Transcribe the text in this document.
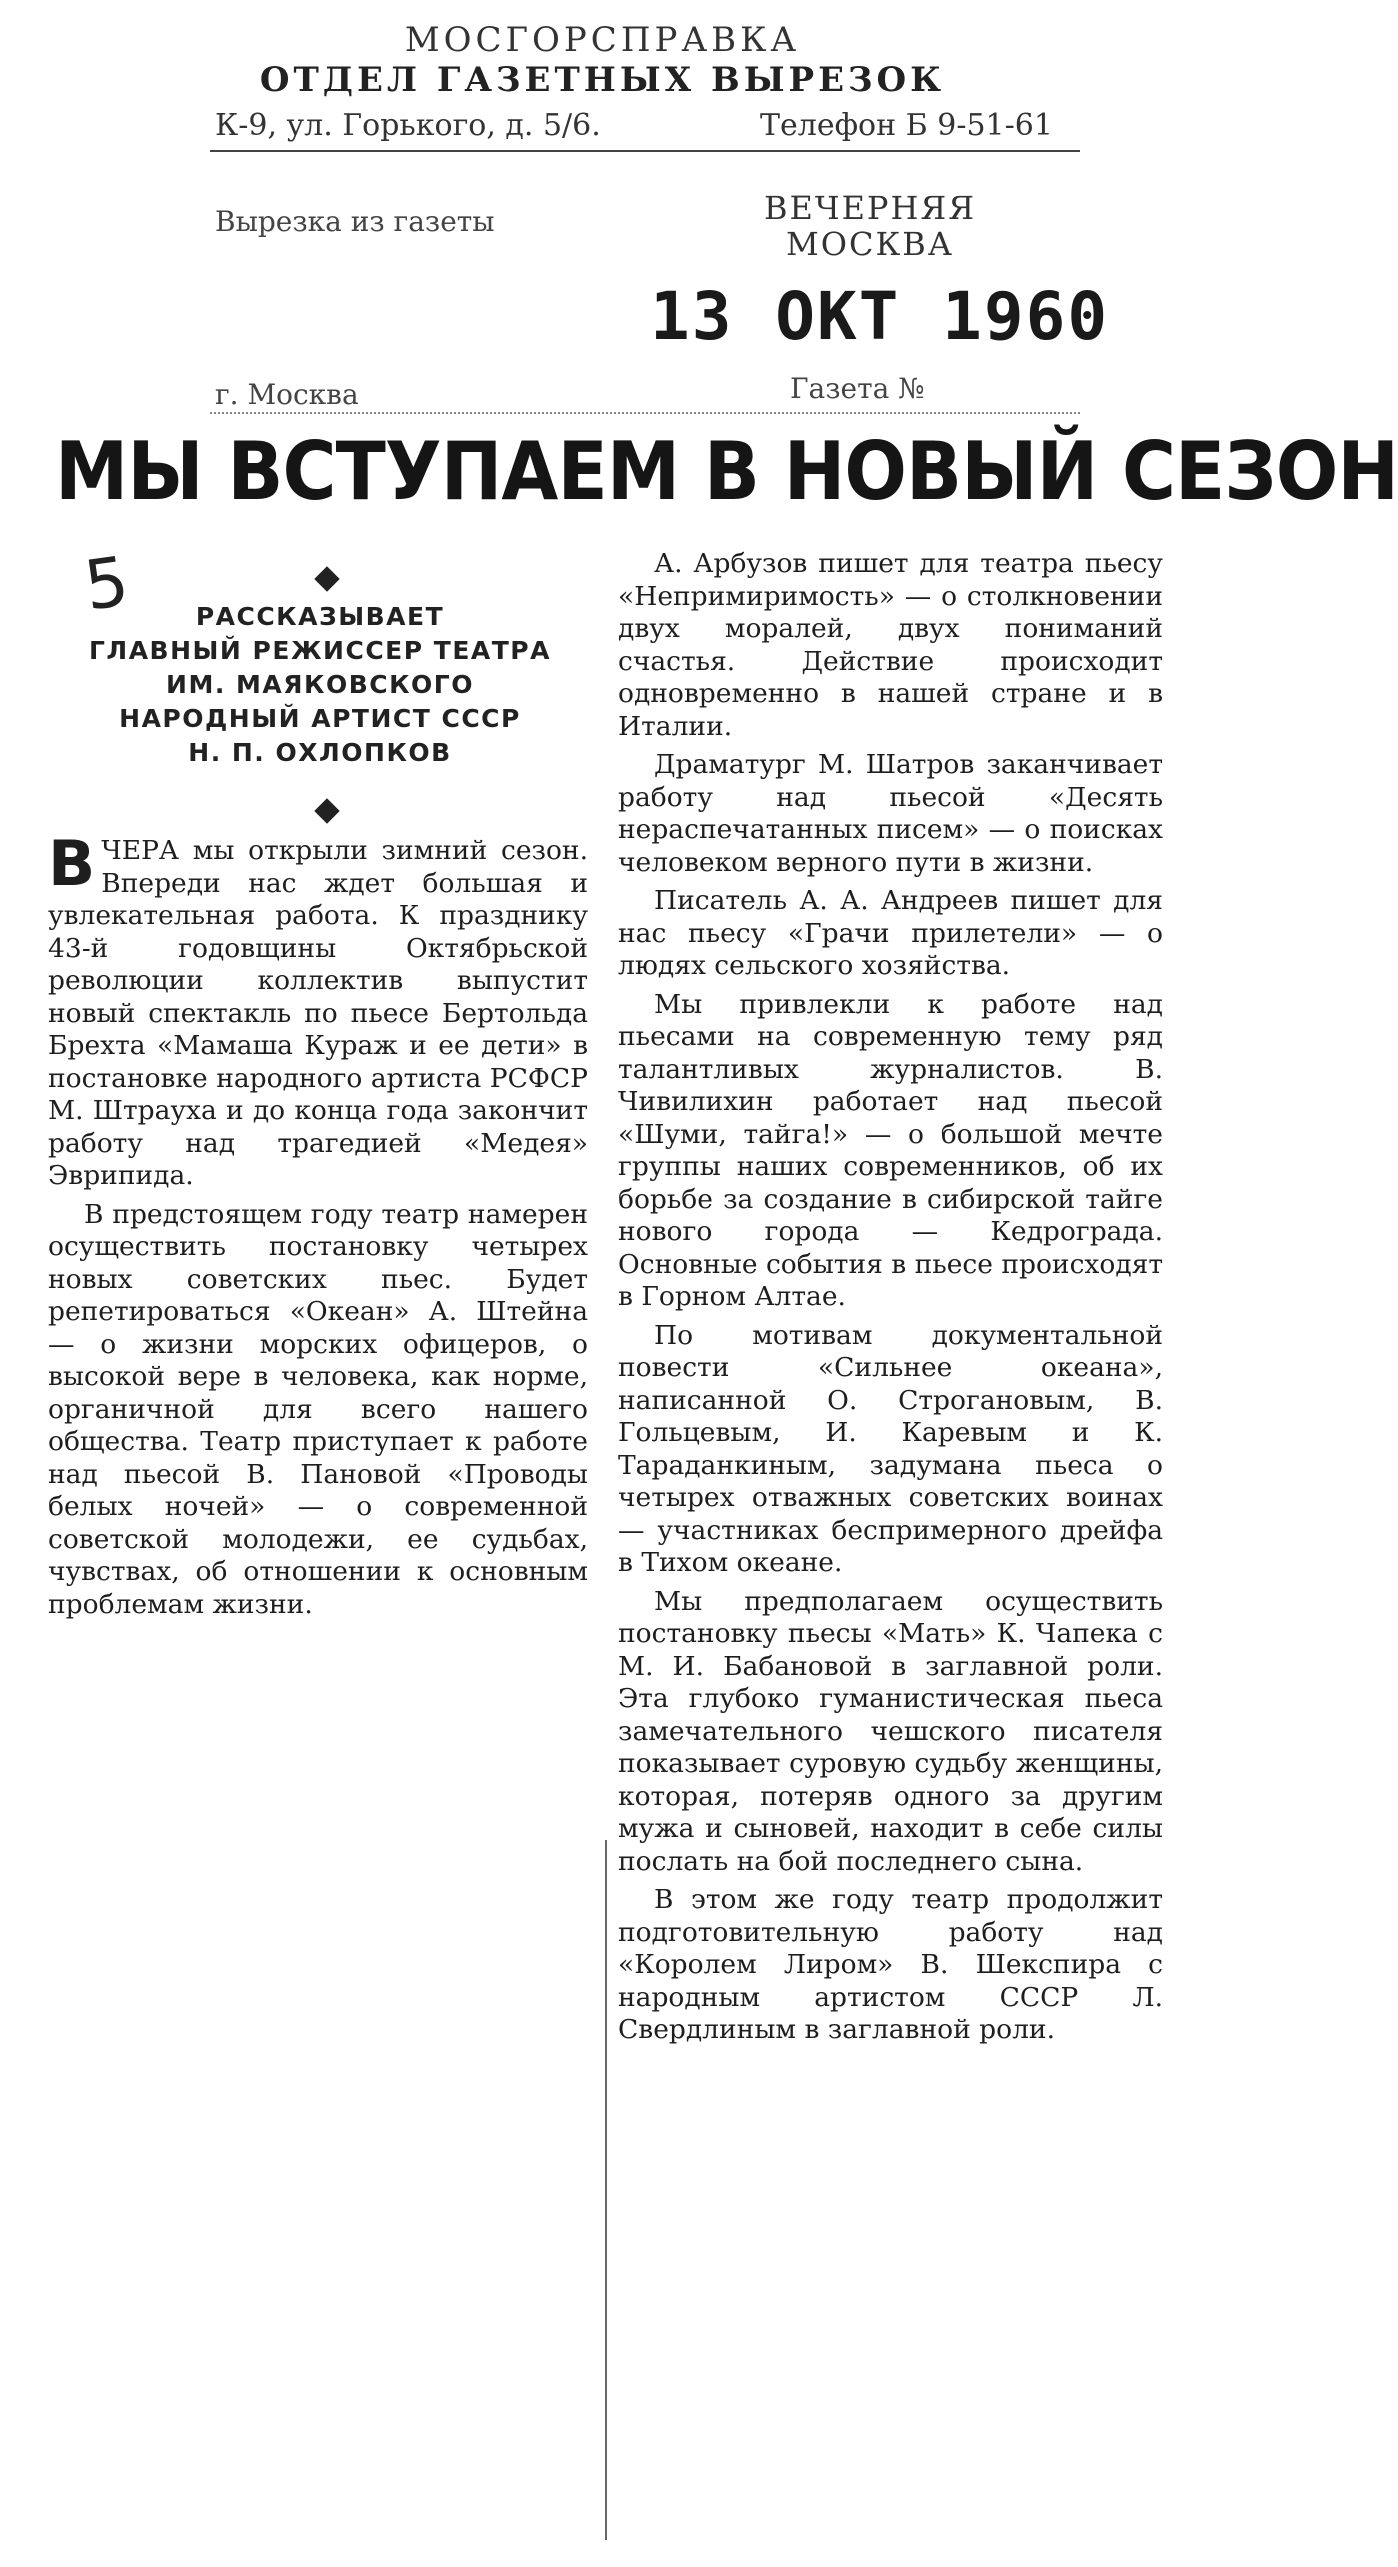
МОСГОРСПРАВКА
ОТДЕЛ ГАЗЕТНЫХ ВЫРЕЗОК
К-9, ул. Горького, д. 5/6.	Телефон Б 9-51-61
Вырезка из газеты	ВЕЧЕРНЯЯ МОСКВА
13 ОКТ 1960
г. Москва	Газета №
МЫ ВСТУПАЕМ В НОВЫЙ СЕЗОН
5	РАССКАЗЫВАЕТ
ГЛАВНЫЙ РЕЖИССЕР ТЕАТРА
ИМ. МАЯКОВСКОГО
НАРОДНЫЙ АРТИСТ СССР
Н. П. ОХЛОПКОВ

ВЧЕРА мы открыли зимний сезон. Впереди нас ждет большая и увлекательная работа. К празднику 43-й годовщины Октябрьской революции коллектив выпустит новый спектакль по пьесе Бертольда Брехта «Мамаша Кураж и ее дети» в постановке народного артиста РСФСР М. Штрауха и до конца года закончит работу над трагедией «Медея» Эврипида.

В предстоящем году театр намерен осуществить постановку четырех новых советских пьес. Будет репетироваться «Океан» А. Штейна — о жизни морских офицеров, о высокой вере в человека, как норме, органичной для всего нашего общества. Театр приступает к работе над пьесой В. Пановой «Проводы белых ночей» — о современной советской молодежи, ее судьбах, чувствах, об отношении к основным проблемам жизни.

А. Арбузов пишет для театра пьесу «Непримиримость» — о столкновении двух моралей, двух пониманий счастья. Действие происходит одновременно в нашей стране и в Италии.

Драматург М. Шатров заканчивает работу над пьесой «Десять нераспечатанных писем» — о поисках человеком верного пути в жизни.

Писатель А. А. Андреев пишет для нас пьесу «Грачи прилетели» — о людях сельского хозяйства.

Мы привлекли к работе над пьесами на современную тему ряд талантливых журналистов. В. Чивилихин работает над пьесой «Шуми, тайга!» — о большой мечте группы наших современников, об их борьбе за создание в сибирской тайге нового города — Кедрограда. Основные события в пьесе происходят в Горном Алтае.

По мотивам документальной повести «Сильнее океана», написанной О. Строгановым, В. Гольцевым, И. Каревым и К. Тараданкиным, задумана пьеса о четырех отважных советских воинах — участниках беспримерного дрейфа в Тихом океане.

Мы предполагаем осуществить постановку пьесы «Мать» К. Чапека с М. И. Бабановой в заглавной роли. Эта глубоко гуманистическая пьеса замечательного чешского писателя показывает суровую судьбу женщины, которая, потеряв одного за другим мужа и сыновей, находит в себе силы послать на бой последнего сына.

В этом же году театр продолжит подготовительную работу над «Королем Лиром» В. Шекспира с народным артистом СССР Л. Свердлиным в заглавной роли.
